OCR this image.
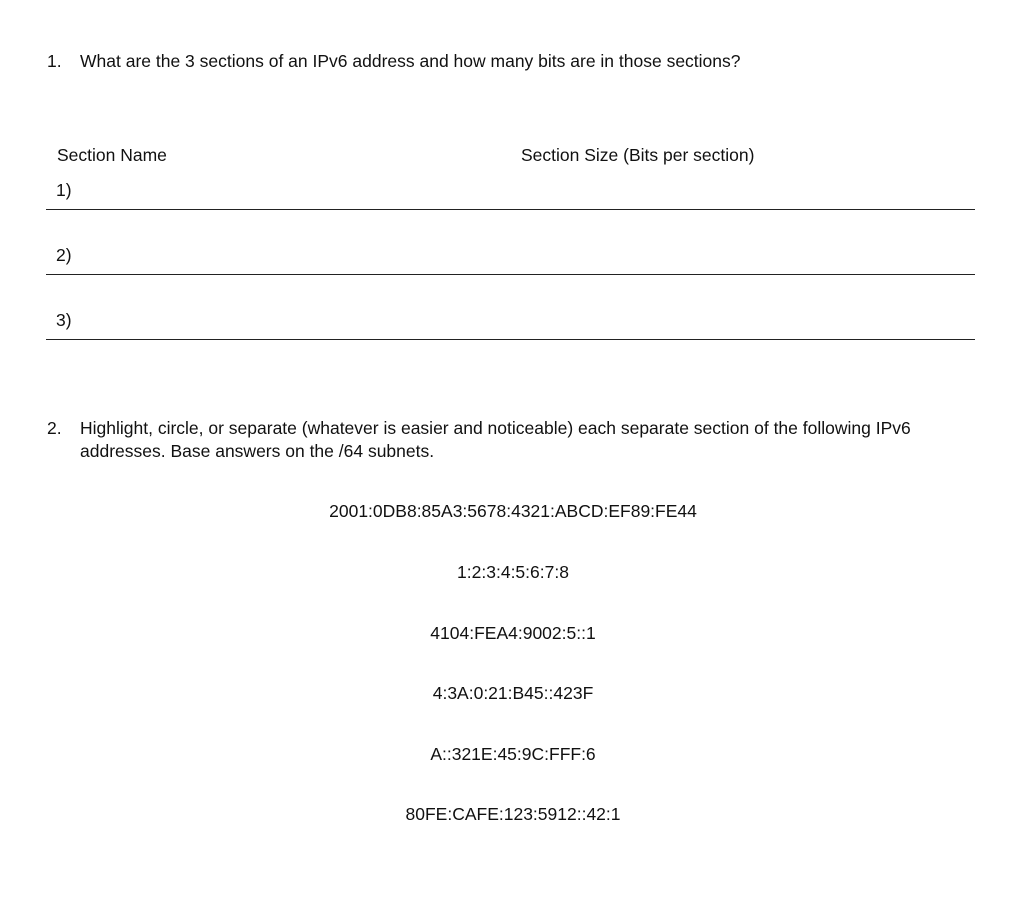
1. What are the 3 sections of an IPv6 address and how many bits are in those sections?
Section Name	Section Size (Bits per section)
1)
2)
3)
2. Highlight, circle, or separate (whatever is easier and noticeable) each separate section of the following IPv6 addresses. Base answers on the /64 subnets.
2001:0DB8:85A3:5678:4321:ABCD:EF89:FE44
1:2:3:4:5:6:7:8
4104:FEA4:9002:5::1
4:3A:0:21:B45::423F
A::321E:45:9C:FFF:6
80FE:CAFE:123:5912::42:1
